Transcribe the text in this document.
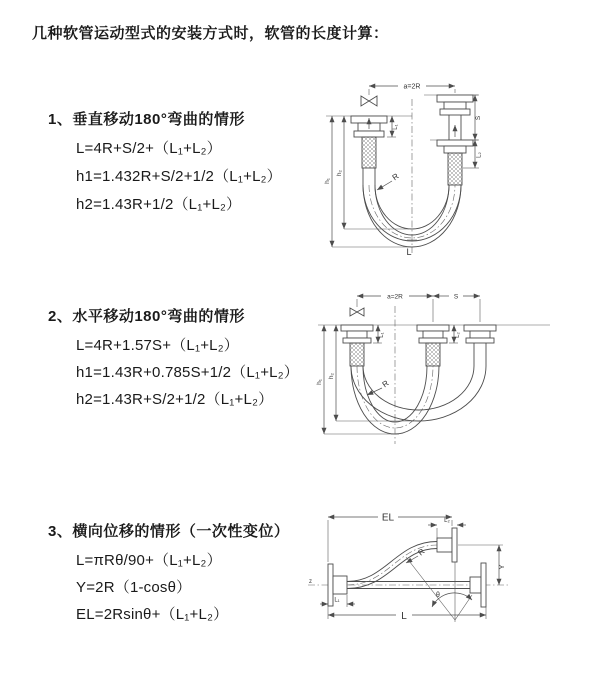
几种软管运动型式的安装方式时，软管的长度计算：
1、垂直移动180°弯曲的情形
L=4R+S/2+（L₁+L₂）
h1=1.432R+S/2+1/2（L₁+L₂）
h2=1.43R+1/2（L₁+L₂）
a=2R
S
L₂
L₁
h₁
h₂	R
L
2、水平移动180°弯曲的情形
L=4R+1.57S+（L₁+L₂）
h1=1.43R+0.785S+1/2（L₁+L₂）
h2=1.43R+S/2+1/2（L₁+L₂）
a=2R	S
h₁
h₂
L₁	L₂
R
3、横向位移的情形（一次性变位）
L=πRθ/90+（L₁+L₂）
Y=2R（1-cosθ）
EL=2Rsinθ+（L₁+L₂）
z
EL	L₂
Y
R
θ
L₁
L
